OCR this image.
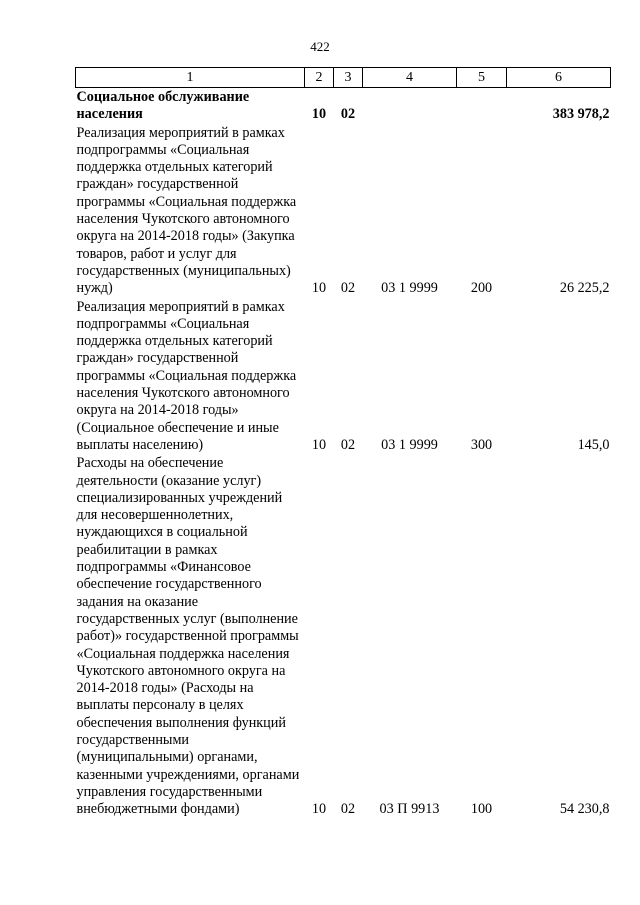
422
1	2	3	4	5	6
Социальное обслуживание населения	10	02			383 978,2
Реализация мероприятий в рамках подпрограммы «Социальная поддержка отдельных категорий граждан» государственной программы «Социальная поддержка населения Чукотского автономного округа на 2014-2018 годы» (Закупка товаров, работ и услуг для государственных (муниципальных) нужд)	10	02	03 1 9999	200	26 225,2
Реализация мероприятий в рамках подпрограммы «Социальная поддержка отдельных категорий граждан» государственной программы «Социальная поддержка населения Чукотского автономного округа на 2014-2018 годы» (Социальное обеспечение и иные выплаты населению)	10	02	03 1 9999	300	145,0
Расходы на обеспечение деятельности (оказание услуг) специализированных учреждений для несовершеннолетних, нуждающихся в социальной реабилитации в рамках подпрограммы «Финансовое обеспечение государственного задания на оказание государственных услуг (выполнение работ)» государственной программы «Социальная поддержка населения Чукотского автономного округа на 2014-2018 годы» (Расходы на выплаты персоналу в целях обеспечения выполнения функций государственными (муниципальными) органами, казенными учреждениями, органами управления государственными внебюджетными фондами)	10	02	03 П 9913	100	54 230,8
